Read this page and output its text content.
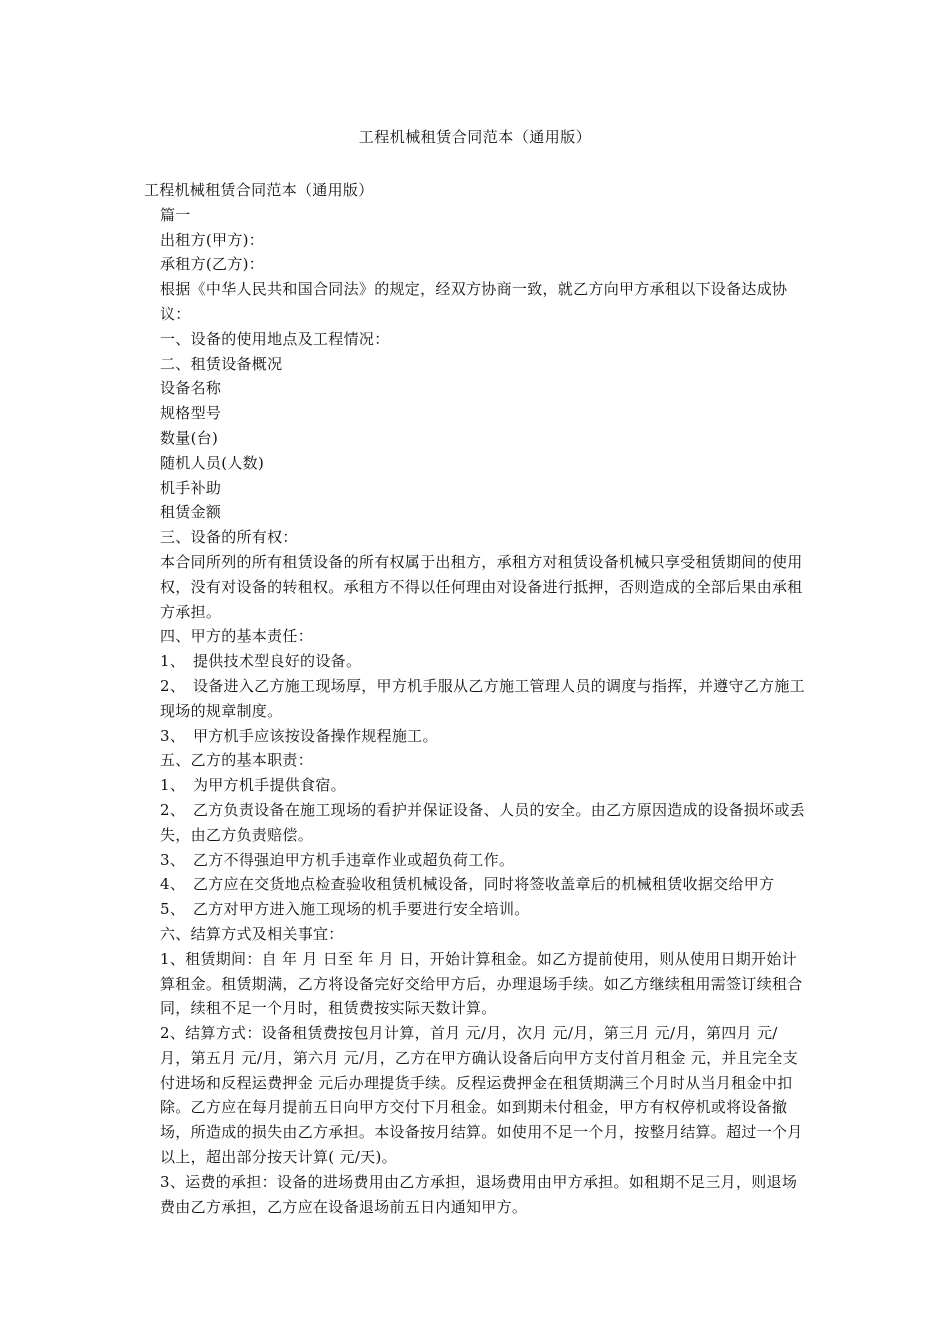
工程机械租赁合同范本（通用版）

工程机械租赁合同范本（通用版）

篇一

出租方(甲方)：

承租方(乙方)：

根据《中华人民共和国合同法》的规定，经双方协商一致，就乙方向甲方承租以下设备达成协议：

一、设备的使用地点及工程情况：

二、租赁设备概况

设备名称

规格型号

数量(台)

随机人员(人数)

机手补助

租赁金额

三、设备的所有权：

本合同所列的所有租赁设备的所有权属于出租方，承租方对租赁设备机械只享受租赁期间的使用权，没有对设备的转租权。承租方不得以任何理由对设备进行抵押，否则造成的全部后果由承租方承担。

四、甲方的基本责任：

1、　提供技术型良好的设备。

2、　设备进入乙方施工现场厚，甲方机手服从乙方施工管理人员的调度与指挥，并遵守乙方施工现场的规章制度。

3、　甲方机手应该按设备操作规程施工。

五、乙方的基本职责：

1、　为甲方机手提供食宿。

2、　乙方负责设备在施工现场的看护并保证设备、人员的安全。由乙方原因造成的设备损坏或丢失，由乙方负责赔偿。

3、　乙方不得强迫甲方机手违章作业或超负荷工作。

4、　乙方应在交货地点检查验收租赁机械设备，同时将签收盖章后的机械租赁收据交给甲方

5、　乙方对甲方进入施工现场的机手要进行安全培训。

六、结算方式及相关事宜：

1、租赁期间：自 年 月 日至 年 月 日，开始计算租金。如乙方提前使用，则从使用日期开始计算租金。租赁期满，乙方将设备完好交给甲方后，办理退场手续。如乙方继续租用需签订续租合同，续租不足一个月时，租赁费按实际天数计算。

2、结算方式：设备租赁费按包月计算，首月 元/月，次月 元/月，第三月 元/月，第四月 元/月，第五月 元/月，第六月 元/月，乙方在甲方确认设备后向甲方支付首月租金 元，并且完全支付进场和反程运费押金 元后办理提货手续。反程运费押金在租赁期满三个月时从当月租金中扣除。乙方应在每月提前五日向甲方交付下月租金。如到期未付租金，甲方有权停机或将设备撤场，所造成的损失由乙方承担。本设备按月结算。如使用不足一个月，按整月结算。超过一个月以上，超出部分按天计算( 元/天)。

3、运费的承担：设备的进场费用由乙方承担，退场费用由甲方承担。如租期不足三月，则退场费由乙方承担，乙方应在设备退场前五日内通知甲方。
